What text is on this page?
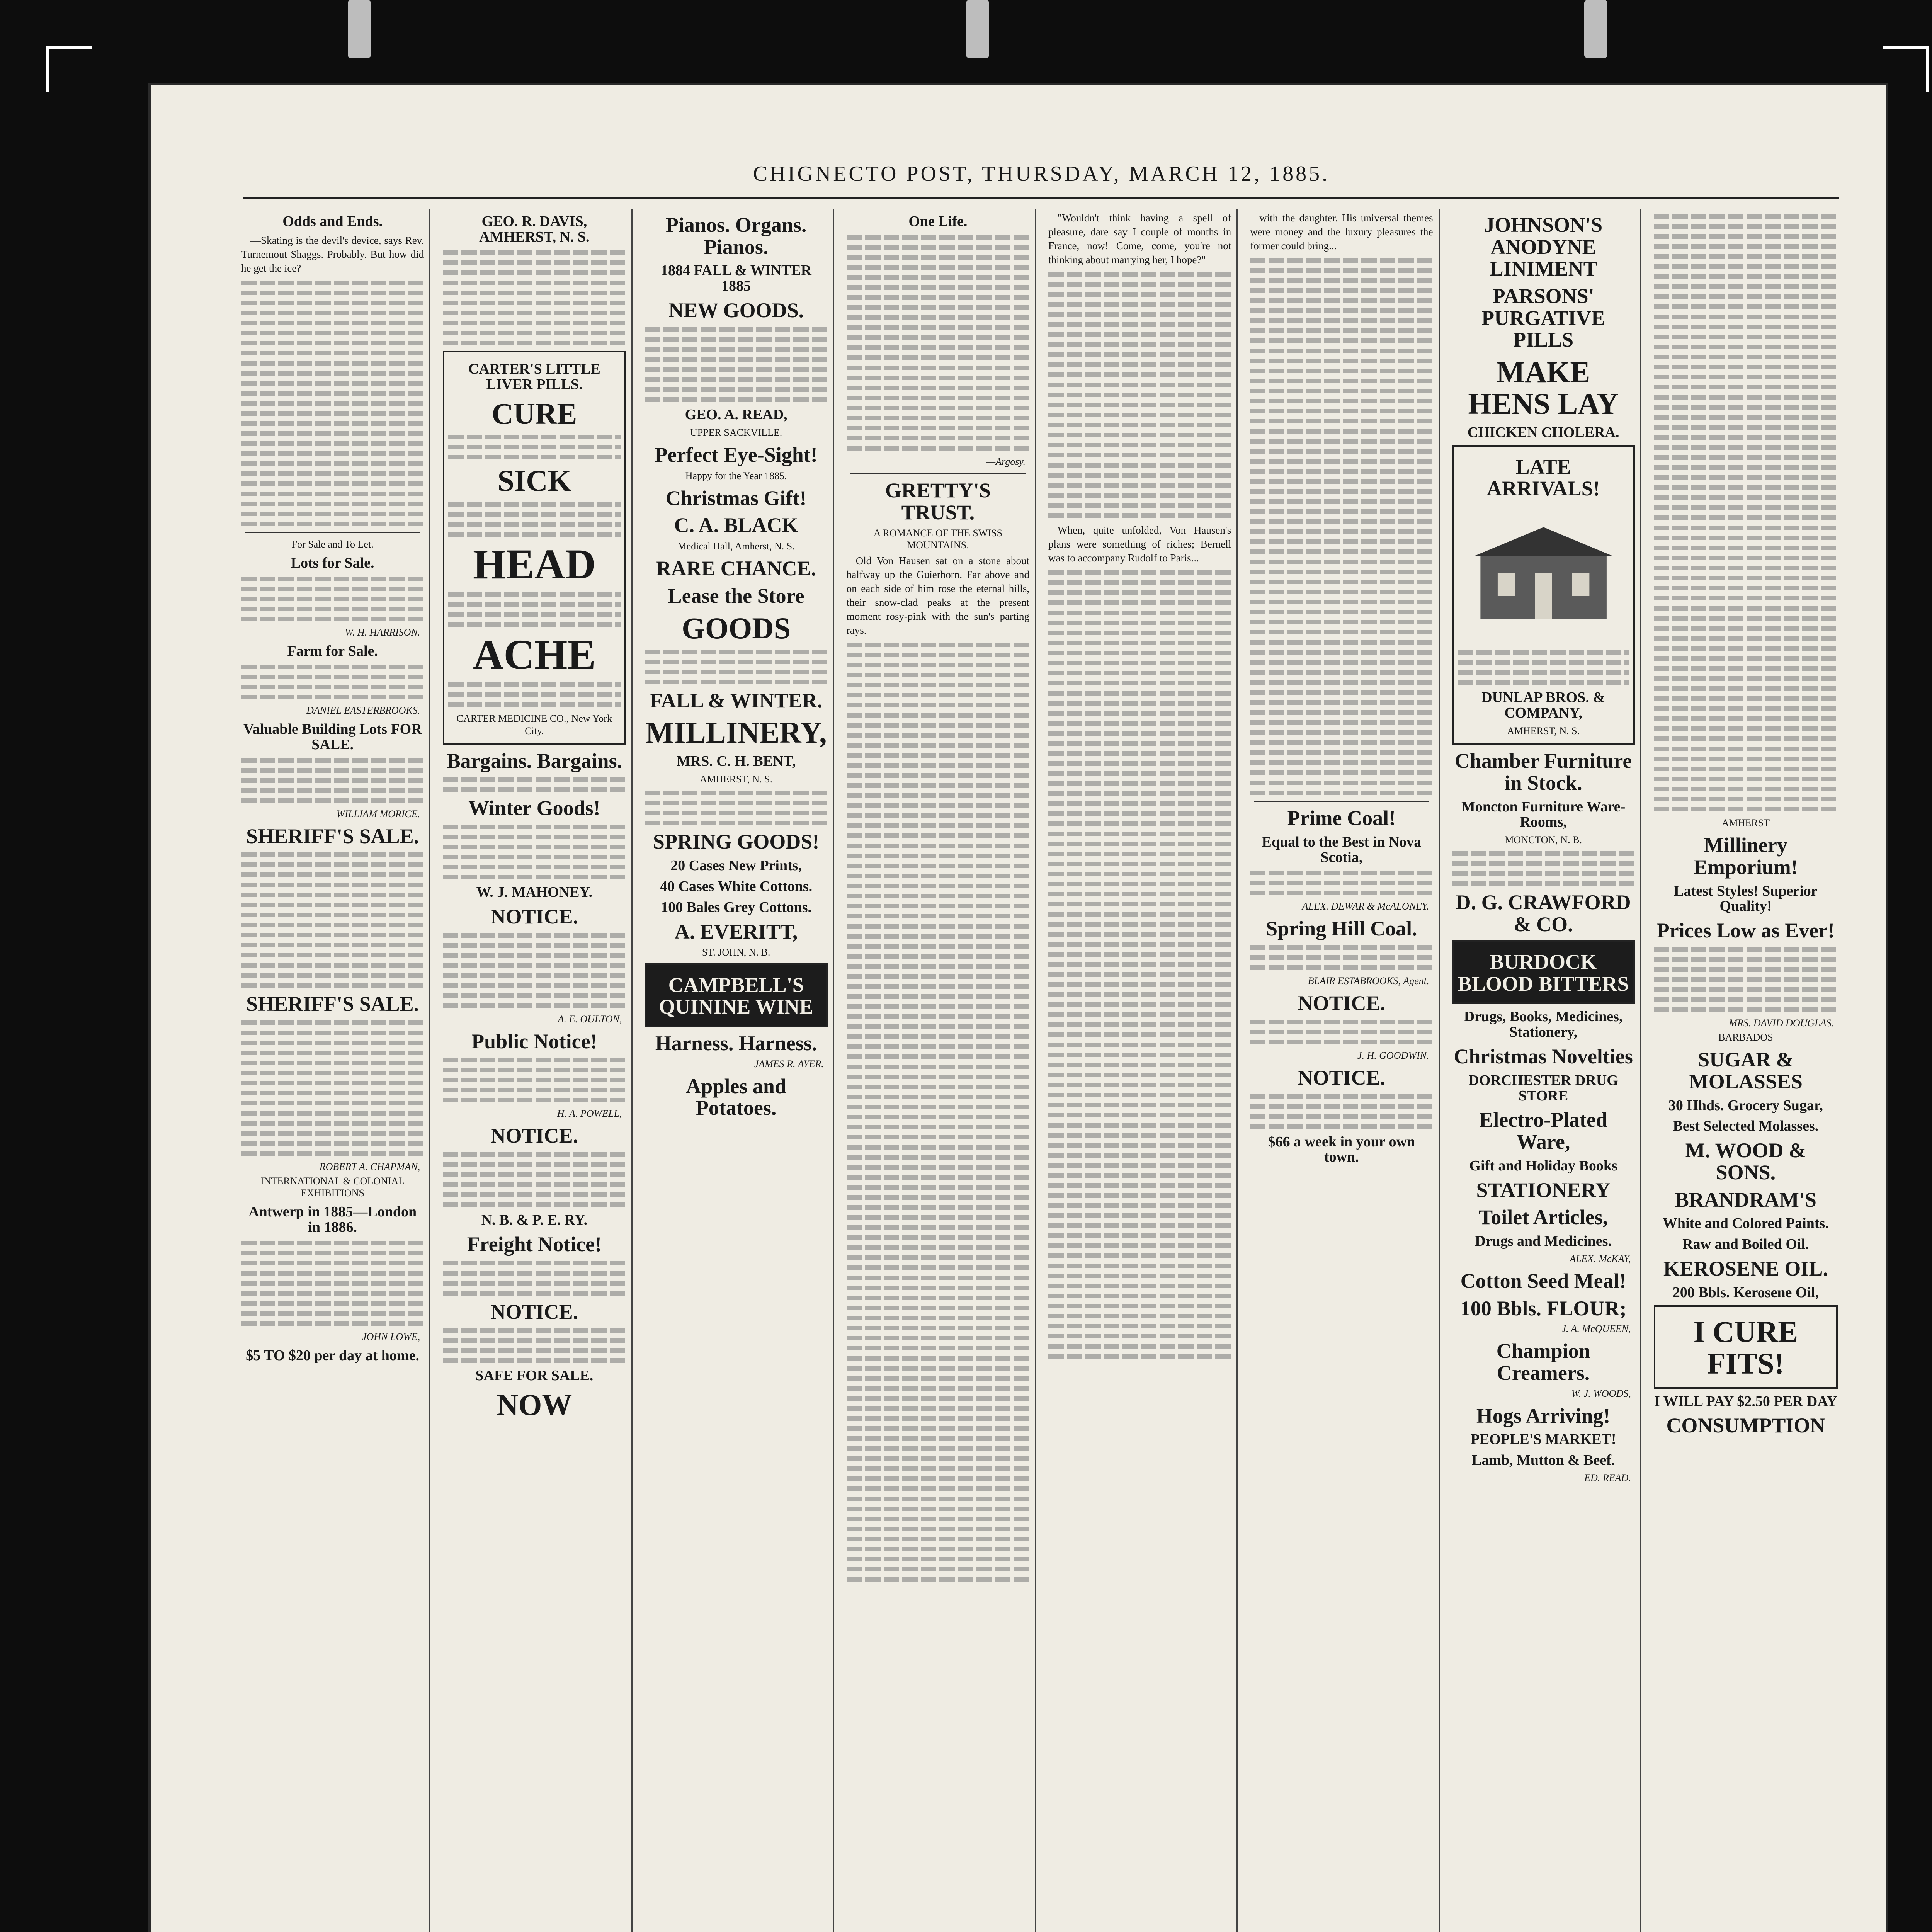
CHIGNECTO POST, THURSDAY, MARCH 12, 1885.
Odds and Ends.

—Skating is the devil's device, says Rev. Turnemout Shaggs. Probably. But how did he get the ice?

For Sale and To Let.
Lots for Sale.
W. H. HARRISON.
Farm for Sale.
DANIEL EASTERBROOKS.
Valuable Building Lots FOR SALE.
WILLIAM MORICE.
SHERIFF'S SALE.
SHERIFF'S SALE.
ROBERT A. CHAPMAN,
INTERNATIONAL & COLONIAL EXHIBITIONS
Antwerp in 1885—London in 1886.
JOHN LOWE,
$5 TO $20 per day at home.
GEO. R. DAVIS, AMHERST, N. S.
CARTER'S LITTLE LIVER PILLS.
CURE
SICK
HEAD
ACHE
CARTER MEDICINE CO., New York City.
Bargains. Bargains.
Winter Goods!
W. J. MAHONEY.
NOTICE.
A. E. OULTON,
Public Notice!
H. A. POWELL,
NOTICE.
N. B. & P. E. RY.
Freight Notice!
NOTICE.
SAFE FOR SALE.
NOW
Pianos. Organs. Pianos.
1884 FALL & WINTER 1885
NEW GOODS.
GEO. A. READ,
UPPER SACKVILLE.
Perfect Eye-Sight!
Happy for the Year 1885.
Christmas Gift!
C. A. BLACK
Medical Hall, Amherst, N. S.
RARE CHANCE.
Lease the Store
GOODS
FALL & WINTER.
MILLINERY,
MRS. C. H. BENT,
AMHERST, N. S.
SPRING GOODS!
20 Cases New Prints,
40 Cases White Cottons.
100 Bales Grey Cottons.
A. EVERITT,
ST. JOHN, N. B.
CAMPBELL'S QUININE WINE
Harness. Harness.
JAMES R. AYER.
Apples and Potatoes.
One Life.
—Argosy.
GRETTY'S TRUST.
A ROMANCE OF THE SWISS MOUNTAINS.

Old Von Hausen sat on a stone about halfway up the Guierhorn. Far above and on each side of him rose the eternal hills, their snow-clad peaks at the present moment rosy-pink with the sun's parting rays.

"Wouldn't think having a spell of pleasure, dare say I couple of months in France, now! Come, come, you're not thinking about marrying her, I hope?"

When, quite unfolded, Von Hausen's plans were something of riches; Bernell was to accompany Rudolf to Paris...

with the daughter. His universal themes were money and the luxury pleasures the former could bring...

Prime Coal!
Equal to the Best in Nova Scotia,
ALEX. DEWAR & McALONEY.
Spring Hill Coal.
BLAIR ESTABROOKS, Agent.
NOTICE.
J. H. GOODWIN.
NOTICE.
$66 a week in your own town.
JOHNSON'S ANODYNE LINIMENT
PARSONS' PURGATIVE PILLS
MAKE HENS LAY
CHICKEN CHOLERA.
LATE ARRIVALS!
DUNLAP BROS. & COMPANY,
AMHERST, N. S.
Chamber Furniture in Stock.
Moncton Furniture Ware-Rooms,
MONCTON, N. B.
D. G. CRAWFORD & CO.
BURDOCK BLOOD BITTERS
Drugs, Books, Medicines, Stationery,
Christmas Novelties
DORCHESTER DRUG STORE
Electro-Plated Ware,
Gift and Holiday Books
STATIONERY
Toilet Articles,
Drugs and Medicines.
ALEX. McKAY,
Cotton Seed Meal!
100 Bbls. FLOUR;
J. A. McQUEEN,
Champion Creamers.
W. J. WOODS,
Hogs Arriving!
PEOPLE'S MARKET!
Lamb, Mutton & Beef.
ED. READ.
AMHERST
Millinery Emporium!
Latest Styles! Superior Quality!
Prices Low as Ever!
MRS. DAVID DOUGLAS.
BARBADOS
SUGAR & MOLASSES
30 Hhds. Grocery Sugar,
Best Selected Molasses.
M. WOOD & SONS.
BRANDRAM'S
White and Colored Paints.
Raw and Boiled Oil.
KEROSENE OIL.
200 Bbls. Kerosene Oil,
I CURE FITS!
I WILL PAY $2.50 PER DAY
CONSUMPTION
